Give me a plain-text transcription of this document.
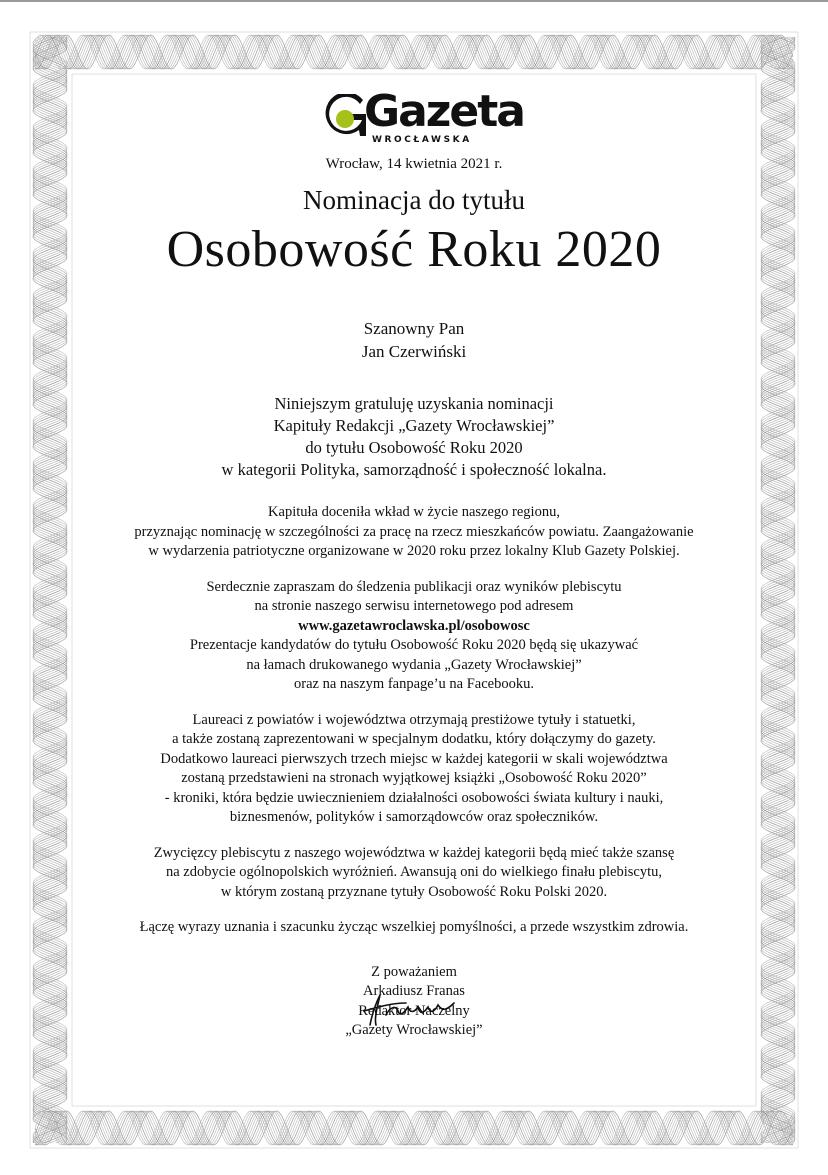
Gazeta
WROCŁAWSKA
Wrocław, 14 kwietnia 2021 r.
Nominacja do tytułu
Osobowość Roku 2020
Szanowny Pan
Jan Czerwiński
Niniejszym gratuluję uzyskania nominacji
Kapituły Redakcji „Gazety Wrocławskiej”
do tytułu Osobowość Roku 2020
w kategorii Polityka, samorządność i społeczność lokalna.
Kapituła doceniła wkład w życie naszego regionu,
przyznając nominację w szczególności za pracę na rzecz mieszkańców powiatu. Zaangażowanie
w wydarzenia patriotyczne organizowane w 2020 roku przez lokalny Klub Gazety Polskiej.
Serdecznie zapraszam do śledzenia publikacji oraz wyników plebiscytu
na stronie naszego serwisu internetowego pod adresem
www.gazetawroclawska.pl/osobowosc
Prezentacje kandydatów do tytułu Osobowość Roku 2020 będą się ukazywać
na łamach drukowanego wydania „Gazety Wrocławskiej”
oraz na naszym fanpage’u na Facebooku.
Laureaci z powiatów i województwa otrzymają prestiżowe tytuły i statuetki,
a także zostaną zaprezentowani w specjalnym dodatku, który dołączymy do gazety.
Dodatkowo laureaci pierwszych trzech miejsc w każdej kategorii w skali województwa
zostaną przedstawieni na stronach wyjątkowej książki „Osobowość Roku 2020”
- kroniki, która będzie uwiecznieniem działalności osobowości świata kultury i nauki,
biznesmenów, polityków i samorządowców oraz społeczników.
Zwycięzcy plebiscytu z naszego województwa w każdej kategorii będą mieć także szansę
na zdobycie ogólnopolskich wyróżnień. Awansują oni do wielkiego finału plebiscytu,
w którym zostaną przyznane tytuły Osobowość Roku Polski 2020.
Łączę wyrazy uznania i szacunku życząc wszelkiej pomyślności, a przede wszystkim zdrowia.
Z poważaniem
Arkadiusz Franas
Redaktor Naczelny
„Gazety Wrocławskiej”
